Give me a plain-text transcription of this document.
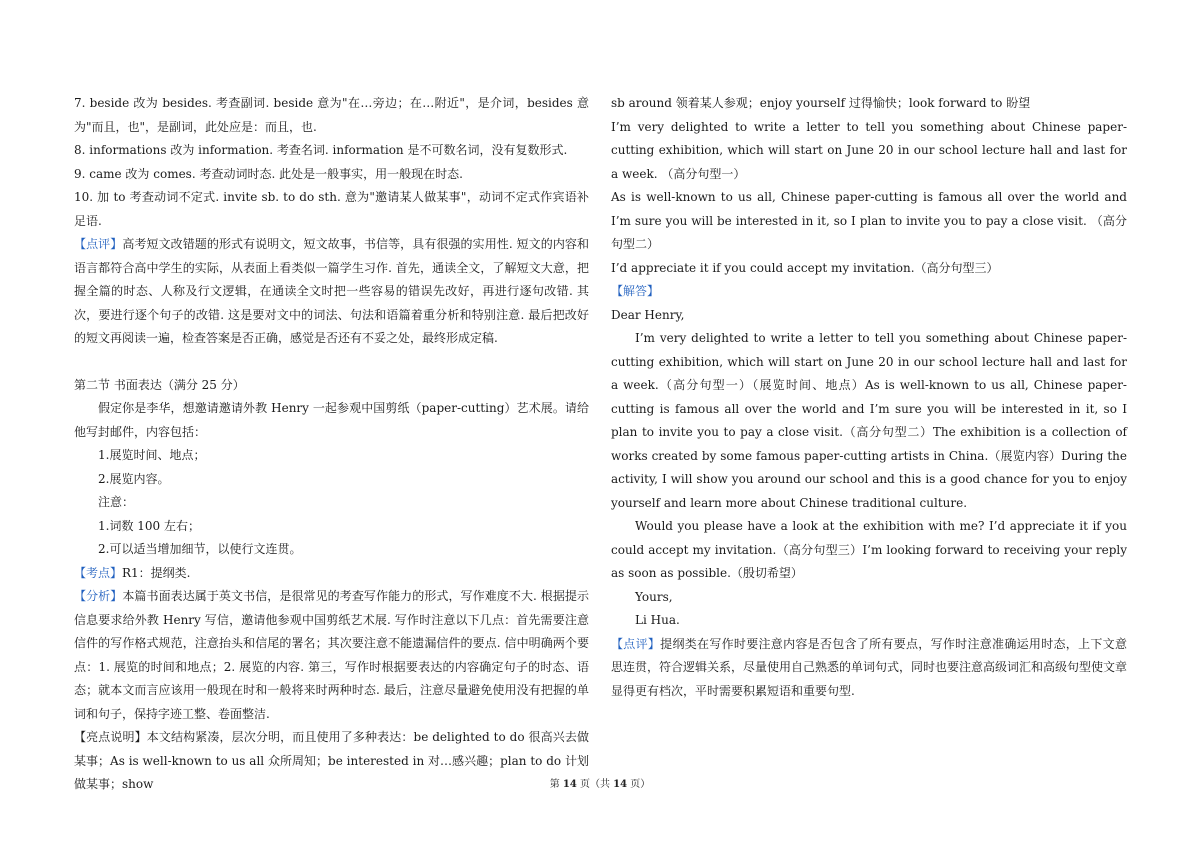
7. beside 改为 besides. 考查副词. beside 意为"在…旁边；在…附近"，是介词，besides 意为"而且，也"，是副词，此处应是：而且，也.

8. informations 改为 information. 考查名词. information 是不可数名词，没有复数形式.

9. came 改为 comes. 考查动词时态. 此处是一般事实，用一般现在时态.

10. 加 to 考查动词不定式. invite sb. to do sth. 意为"邀请某人做某事"，动词不定式作宾语补足语.

【点评】高考短文改错题的形式有说明文，短文故事，书信等，具有很强的实用性. 短文的内容和语言都符合高中学生的实际，从表面上看类似一篇学生习作. 首先，通读全文，了解短文大意，把握全篇的时态、人称及行文逻辑，在通读全文时把一些容易的错误先改好，再进行逐句改错. 其次，要进行逐个句子的改错. 这是要对文中的词法、句法和语篇着重分析和特别注意. 最后把改好的短文再阅读一遍，检查答案是否正确，感觉是否还有不妥之处，最终形成定稿.

第二节 书面表达（满分 25 分）

假定你是李华，想邀请邀请外教 Henry 一起参观中国剪纸（paper-cutting）艺术展。请给他写封邮件，内容包括：

1.展览时间、地点；

2.展览内容。

注意：

1.词数 100 左右；

2.可以适当增加细节，以使行文连贯。

【考点】R1：提纲类.

【分析】本篇书面表达属于英文书信，是很常见的考查写作能力的形式，写作难度不大. 根据提示信息要求给外教 Henry 写信，邀请他参观中国剪纸艺术展. 写作时注意以下几点：首先需要注意信件的写作格式规范，注意抬头和信尾的署名；其次要注意不能遗漏信件的要点. 信中明确两个要点：1. 展览的时间和地点；2. 展览的内容. 第三，写作时根据要表达的内容确定句子的时态、语态；就本文而言应该用一般现在时和一般将来时两种时态. 最后，注意尽量避免使用没有把握的单词和句子，保持字迹工整、卷面整洁.

【亮点说明】本文结构紧凑，层次分明，而且使用了多种表达：be delighted to do 很高兴去做某事；As is well-known to us all 众所周知；be interested in 对…感兴趣；plan to do 计划做某事；show

sb around 领着某人参观；enjoy yourself 过得愉快；look forward to 盼望

I’m very delighted to write a letter to tell you something about Chinese paper-cutting exhibition, which will start on June 20 in our school lecture hall and last for a week. （高分句型一）

As is well-known to us all, Chinese paper-cutting is famous all over the world and I’m sure you will be interested in it, so I plan to invite you to pay a close visit. （高分句型二）

I’d appreciate it if you could accept my invitation.（高分句型三）

【解答】

Dear Henry,

I’m very delighted to write a letter to tell you something about Chinese paper-cutting exhibition, which will start on June 20 in our school lecture hall and last for a week.（高分句型一）（展览时间、地点）As is well-known to us all, Chinese paper-cutting is famous all over the world and I’m sure you will be interested in it, so I plan to invite you to pay a close visit.（高分句型二）The exhibition is a collection of works created by some famous paper-cutting artists in China.（展览内容）During the activity, I will show you around our school and this is a good chance for you to enjoy yourself and learn more about Chinese traditional culture.

Would you please have a look at the exhibition with me? I’d appreciate it if you could accept my invitation.（高分句型三）I’m looking forward to receiving your reply as soon as possible.（殷切希望）

Yours,

Li Hua.

【点评】提纲类在写作时要注意内容是否包含了所有要点，写作时注意准确运用时态，上下文意思连贯，符合逻辑关系，尽量使用自己熟悉的单词句式，同时也要注意高级词汇和高级句型使文章显得更有档次，平时需要积累短语和重要句型.

第 14 页（共 14 页）
